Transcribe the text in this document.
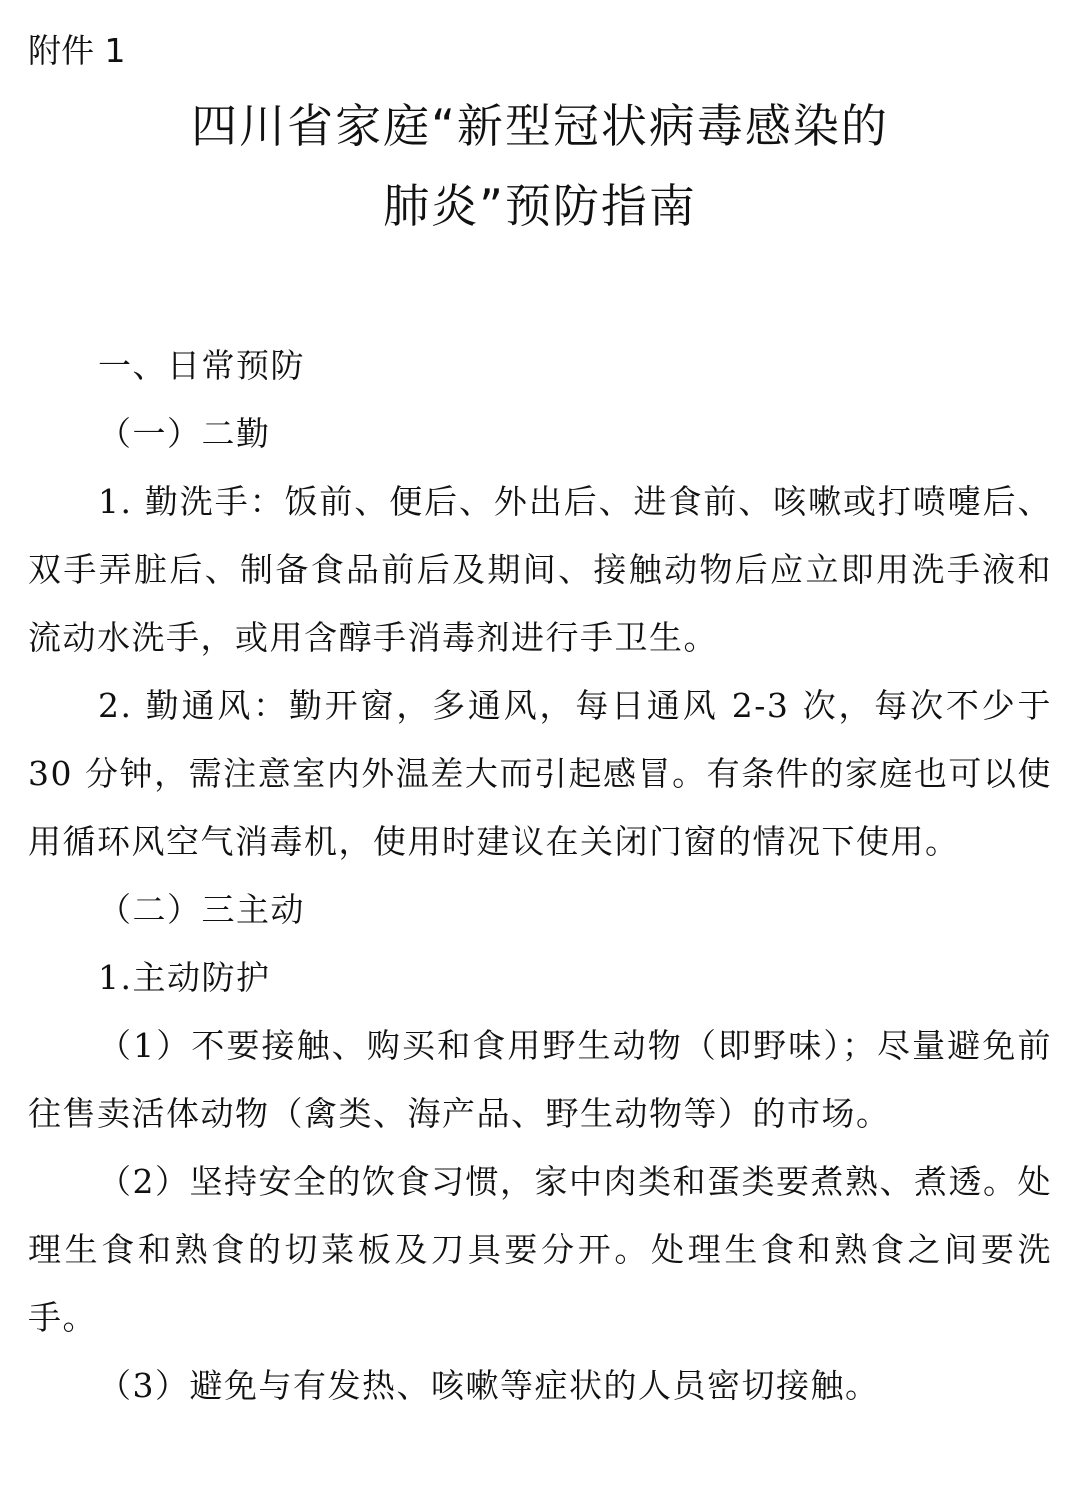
附件 1
四川省家庭“新型冠状病毒感染的
肺炎”预防指南

一、日常预防

（一）二勤

1. 勤洗手：饭前、便后、外出后、进食前、咳嗽或打喷嚏后、双手弄脏后、制备食品前后及期间、接触动物后应立即用洗手液和流动水洗手，或用含醇手消毒剂进行手卫生。

2. 勤通风：勤开窗，多通风，每日通风 2-3 次，每次不少于 30 分钟，需注意室内外温差大而引起感冒。有条件的家庭也可以使用循环风空气消毒机，使用时建议在关闭门窗的情况下使用。

（二）三主动

1.主动防护

（1）不要接触、购买和食用野生动物（即野味）；尽量避免前往售卖活体动物（禽类、海产品、野生动物等）的市场。

（2）坚持安全的饮食习惯，家中肉类和蛋类要煮熟、煮透。处理生食和熟食的切菜板及刀具要分开。处理生食和熟食之间要洗手。

（3）避免与有发热、咳嗽等症状的人员密切接触。
